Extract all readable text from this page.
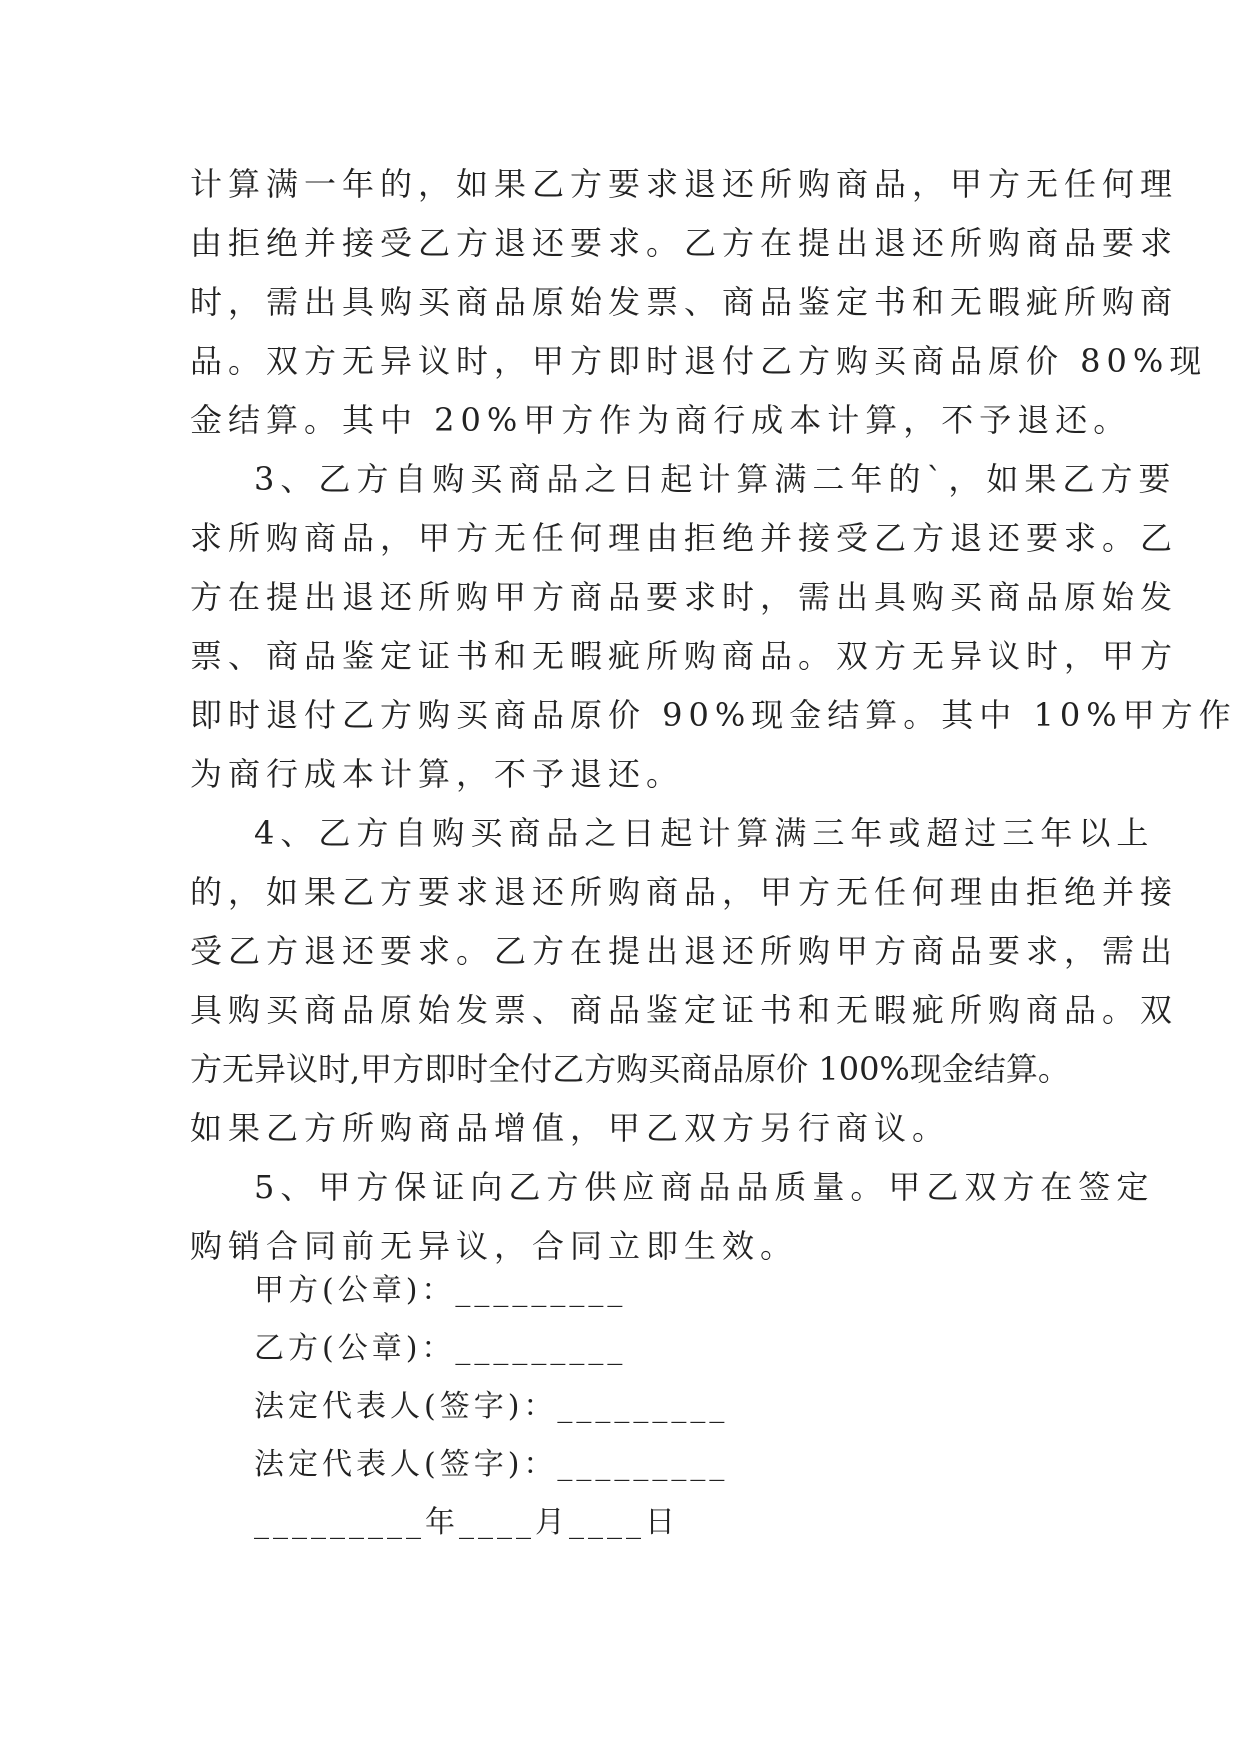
计算满一年的，如果乙方要求退还所购商品，甲方无任何理
由拒绝并接受乙方退还要求。乙方在提出退还所购商品要求
时，需出具购买商品原始发票、商品鉴定书和无暇疵所购商
品。双方无异议时，甲方即时退付乙方购买商品原价 80%现
金结算。其中 20%甲方作为商行成本计算，不予退还。
3、乙方自购买商品之日起计算满二年的`，如果乙方要
求所购商品，甲方无任何理由拒绝并接受乙方退还要求。乙
方在提出退还所购甲方商品要求时，需出具购买商品原始发
票、商品鉴定证书和无暇疵所购商品。双方无异议时，甲方
即时退付乙方购买商品原价 90%现金结算。其中 10%甲方作
为商行成本计算，不予退还。
4、乙方自购买商品之日起计算满三年或超过三年以上
的，如果乙方要求退还所购商品，甲方无任何理由拒绝并接
受乙方退还要求。乙方在提出退还所购甲方商品要求，需出
具购买商品原始发票、商品鉴定证书和无暇疵所购商品。双
方无异议时,甲方即时全付乙方购买商品原价 100%现金结算。
如果乙方所购商品增值，甲乙双方另行商议。
5、甲方保证向乙方供应商品品质量。甲乙双方在签定
购销合同前无异议，合同立即生效。
甲方(公章)：_________
乙方(公章)：_________
法定代表人(签字)：_________
法定代表人(签字)：_________
_________年____月____日
